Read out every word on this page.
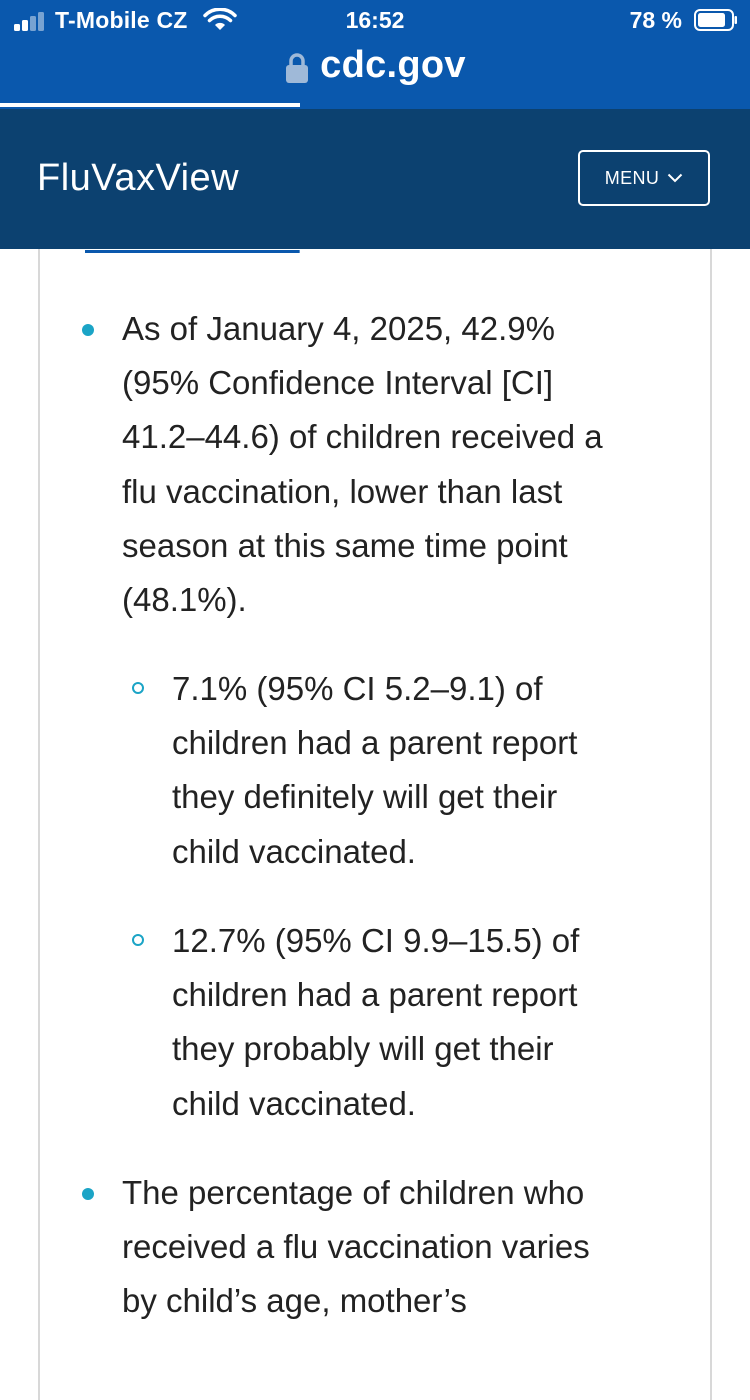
T-Mobile CZ	16:52	78 %
cdc.gov
FluVaxView	MENU
As of January 4, 2025, 42.9%
(95% Confidence Interval [CI]
41.2–44.6) of children received a
flu vaccination, lower than last
season at this same time point
(48.1%).
7.1% (95% CI 5.2–9.1) of
children had a parent report
they definitely will get their
child vaccinated.
12.7% (95% CI 9.9–15.5) of
children had a parent report
they probably will get their
child vaccinated.
The percentage of children who
received a flu vaccination varies
by child’s age, mother’s
